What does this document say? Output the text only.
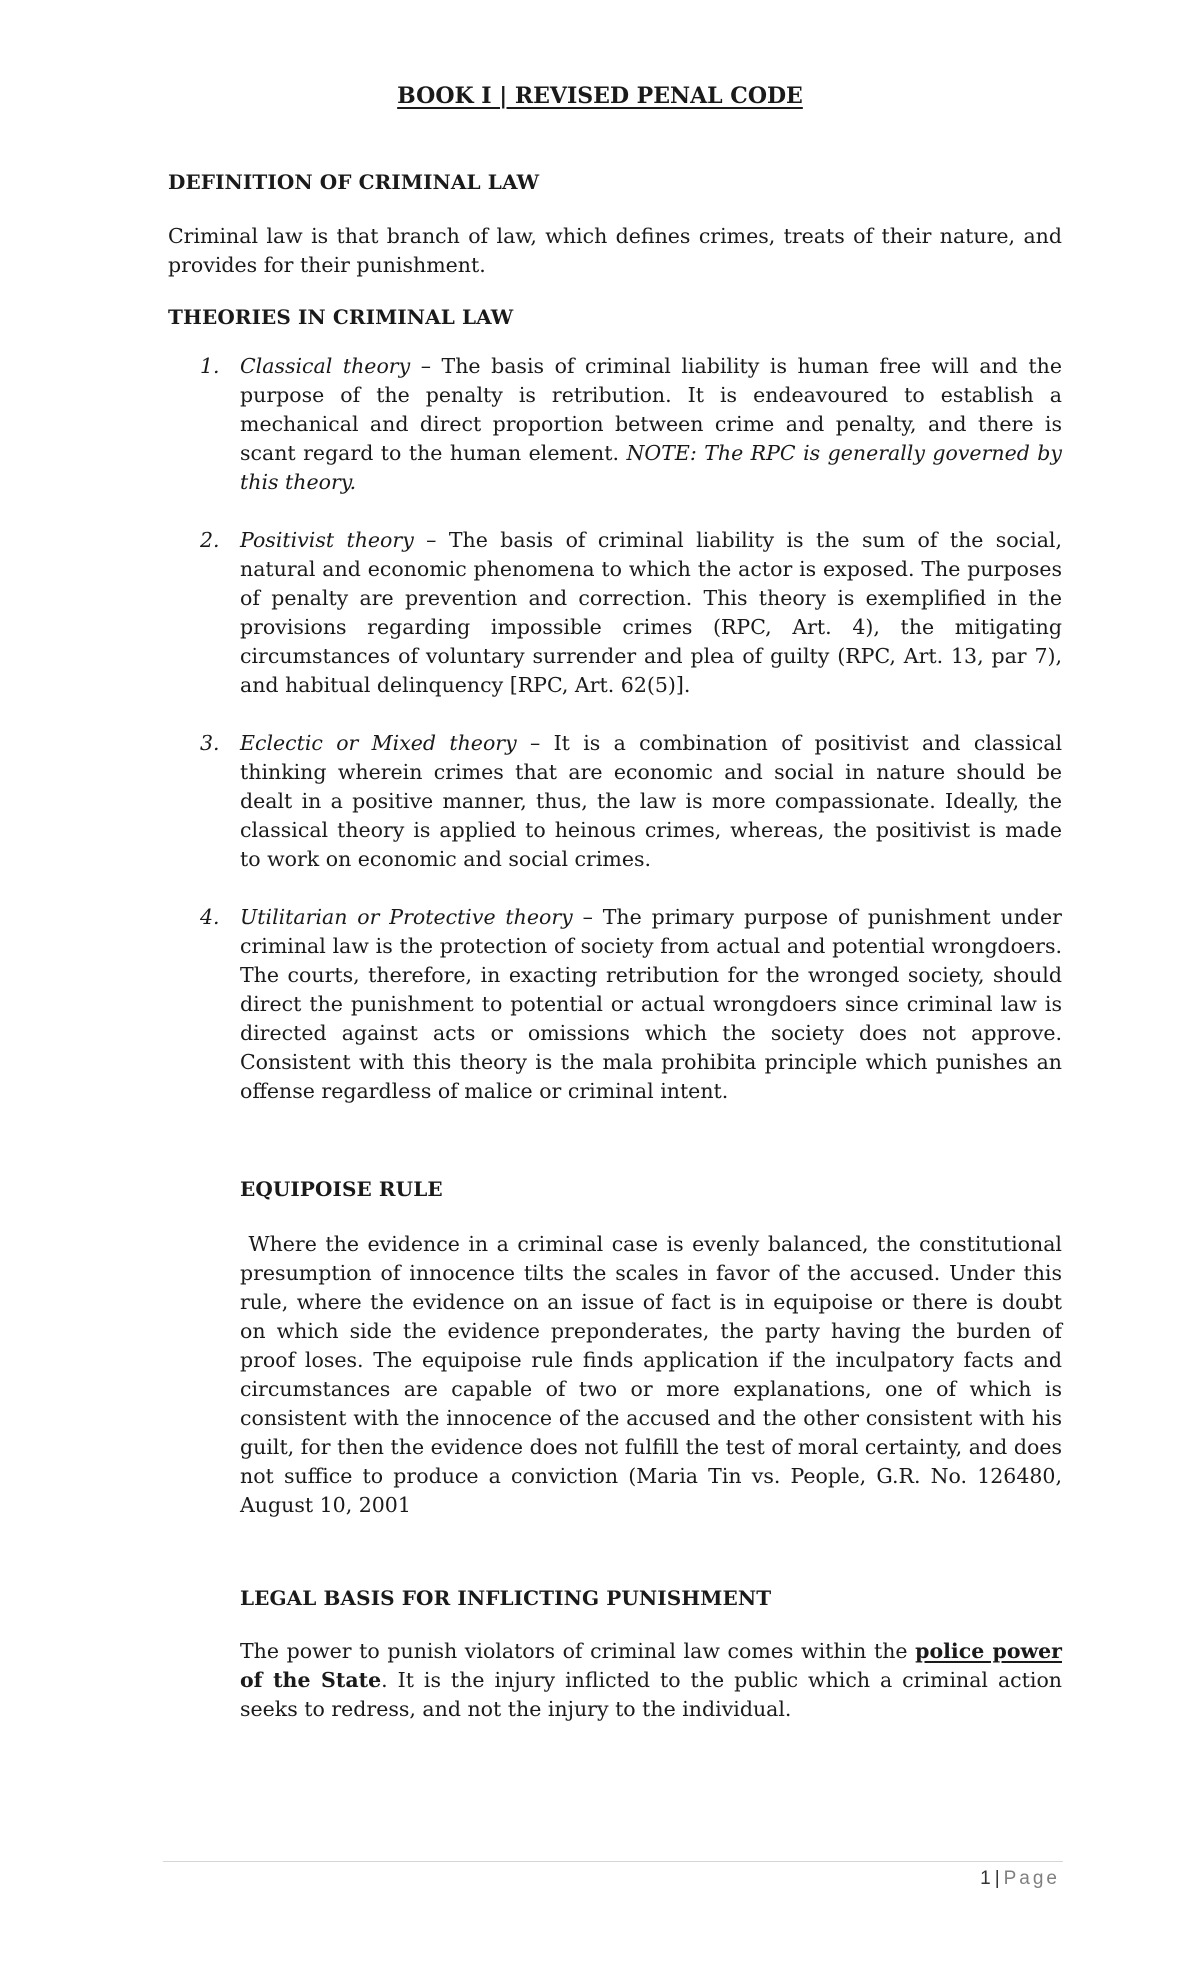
BOOK I | REVISED PENAL CODE
DEFINITION OF CRIMINAL LAW

Criminal law is that branch of law, which defines crimes, treats of their nature, and provides for their punishment.

THEORIES IN CRIMINAL LAW
1. Classical theory – The basis of criminal liability is human free will and the purpose of the penalty is retribution. It is endeavoured to establish a mechanical and direct proportion between crime and penalty, and there is scant regard to the human element. NOTE: The RPC is generally governed by this theory.
2. Positivist theory – The basis of criminal liability is the sum of the social, natural and economic phenomena to which the actor is exposed. The purposes of penalty are prevention and correction. This theory is exemplified in the provisions regarding impossible crimes (RPC, Art. 4), the mitigating circumstances of voluntary surrender and plea of guilty (RPC, Art. 13, par 7), and habitual delinquency [RPC, Art. 62(5)].
3. Eclectic or Mixed theory – It is a combination of positivist and classical thinking wherein crimes that are economic and social in nature should be dealt in a positive manner, thus, the law is more compassionate. Ideally, the classical theory is applied to heinous crimes, whereas, the positivist is made to work on economic and social crimes.
4. Utilitarian or Protective theory – The primary purpose of punishment under criminal law is the protection of society from actual and potential wrongdoers. The courts, therefore, in exacting retribution for the wronged society, should direct the punishment to potential or actual wrongdoers since criminal law is directed against acts or omissions which the society does not approve. Consistent with this theory is the mala prohibita principle which punishes an offense regardless of malice or criminal intent.
EQUIPOISE RULE

Where the evidence in a criminal case is evenly balanced, the constitutional presumption of innocence tilts the scales in favor of the accused. Under this rule, where the evidence on an issue of fact is in equipoise or there is doubt on which side the evidence preponderates, the party having the burden of proof loses. The equipoise rule finds application if the inculpatory facts and circumstances are capable of two or more explanations, one of which is consistent with the innocence of the accused and the other consistent with his guilt, for then the evidence does not fulfill the test of moral certainty, and does not suffice to produce a conviction (Maria Tin vs. People, G.R. No. 126480, August 10, 2001

LEGAL BASIS FOR INFLICTING PUNISHMENT

The power to punish violators of criminal law comes within the police power of the State. It is the injury inflicted to the public which a criminal action seeks to redress, and not the injury to the individual.

1 | Page
